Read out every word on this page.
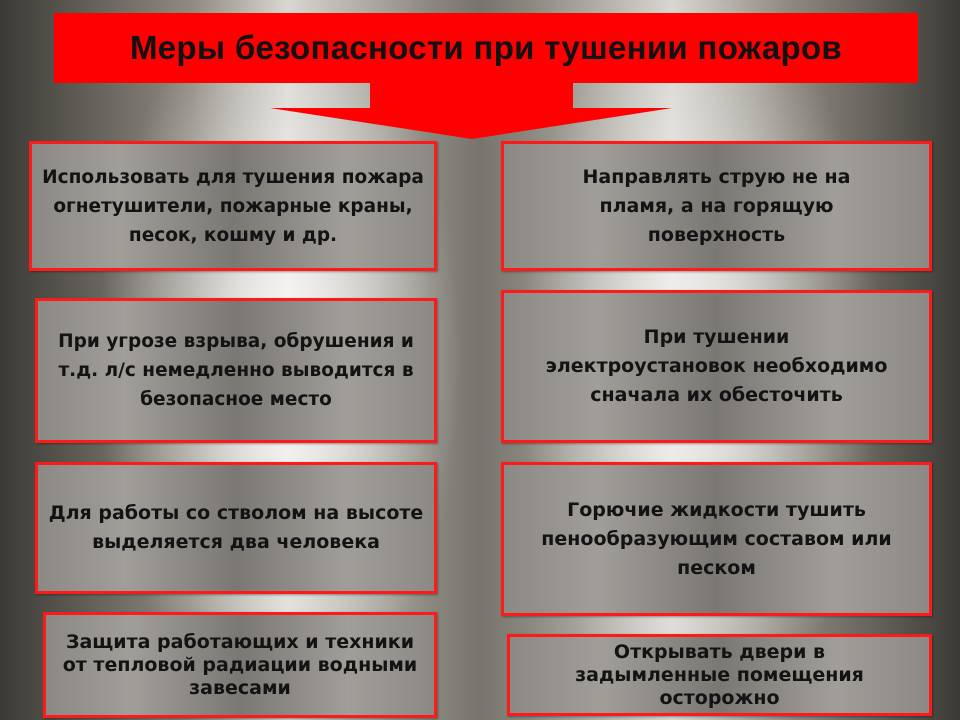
Меры безопасности при тушении пожаров
Использовать для тушения пожара огнетушители, пожарные краны, песок, кошму и др.
При угрозе взрыва, обрушения и т.д. л/с немедленно выводится в безопасное место
Для работы со стволом на высоте выделяется два человека
Защита работающих и техники от тепловой радиации водными завесами
Направлять струю не на пламя, а на горящую поверхность
При тушении электроустановок необходимо сначала их обесточить
Горючие жидкости тушить пенообразующим составом или песком
Открывать двери в задымленные помещения осторожно
